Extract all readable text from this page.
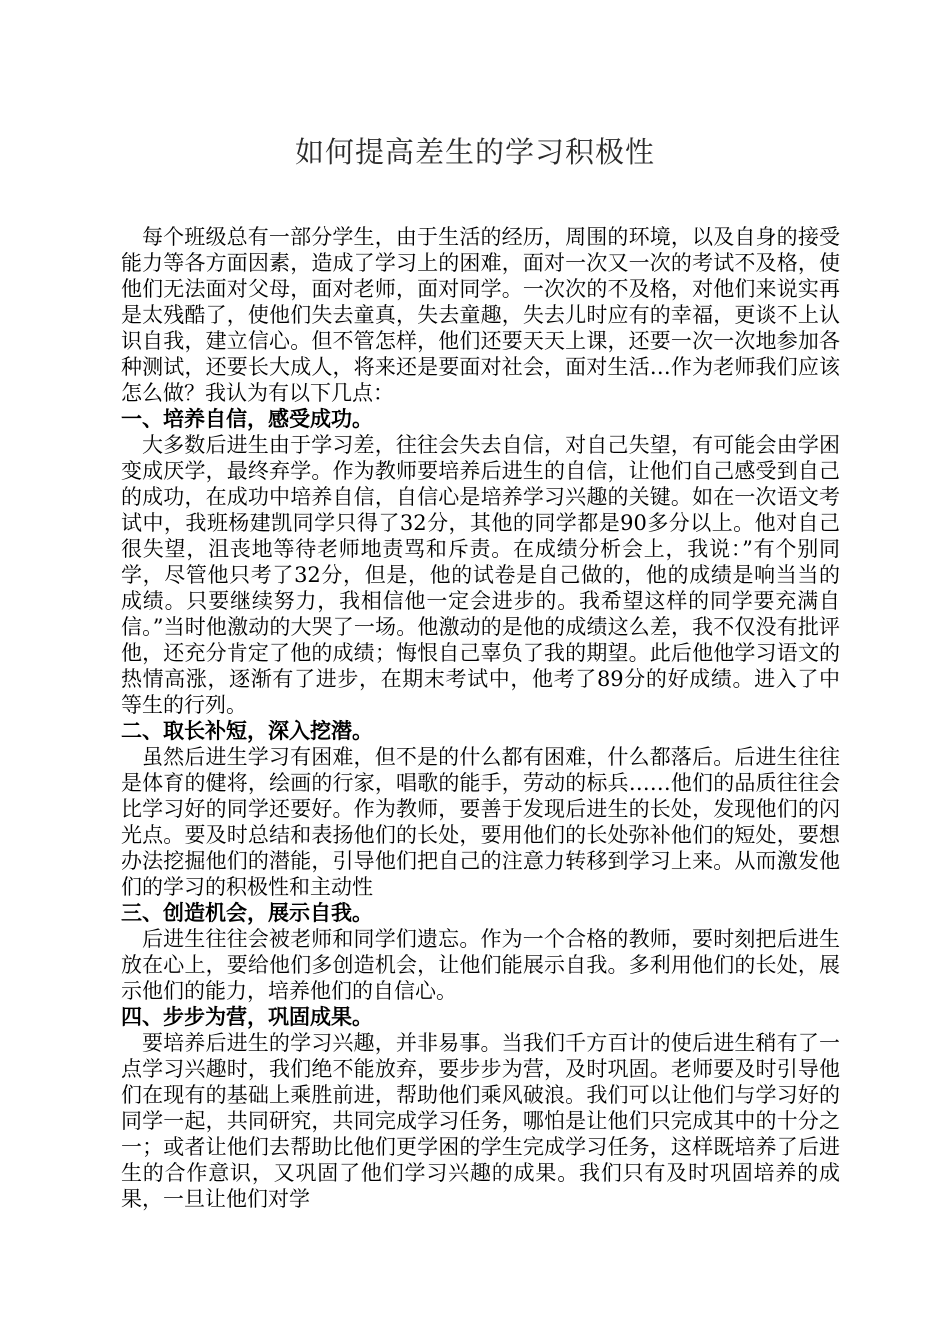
如何提高差生的学习积极性

每个班级总有一部分学生，由于生活的经历，周围的环境，以及自身的接受能力等各方面因素，造成了学习上的困难，面对一次又一次的考试不及格，使他们无法面对父母，面对老师，面对同学。一次次的不及格，对他们来说实再是太残酷了，使他们失去童真，失去童趣，失去儿时应有的幸福，更谈不上认识自我，建立信心。但不管怎样，他们还要天天上课，还要一次一次地参加各种测试，还要长大成人，将来还是要面对社会，面对生活…作为老师我们应该怎么做？我认为有以下几点：

一、培养自信，感受成功。

大多数后进生由于学习差，往往会失去自信，对自己失望，有可能会由学困变成厌学，最终弃学。作为教师要培养后进生的自信，让他们自己感受到自己的成功，在成功中培养自信，自信心是培养学习兴趣的关键。如在一次语文考试中，我班杨建凯同学只得了32分，其他的同学都是90多分以上。他对自己很失望，沮丧地等待老师地责骂和斥责。在成绩分析会上，我说：”有个别同学，尽管他只考了32分，但是，他的试卷是自己做的，他的成绩是响当当的成绩。只要继续努力，我相信他一定会进步的。我希望这样的同学要充满自信。”当时他激动的大哭了一场。他激动的是他的成绩这么差，我不仅没有批评他，还充分肯定了他的成绩；悔恨自己辜负了我的期望。此后他他学习语文的热情高涨，逐渐有了进步，在期末考试中，他考了89分的好成绩。进入了中等生的行列。

二、取长补短，深入挖潜。

虽然后进生学习有困难，但不是的什么都有困难，什么都落后。后进生往往是体育的健将，绘画的行家，唱歌的能手，劳动的标兵……他们的品质往往会比学习好的同学还要好。作为教师，要善于发现后进生的长处，发现他们的闪光点。要及时总结和表扬他们的长处，要用他们的长处弥补他们的短处，要想办法挖掘他们的潜能，引导他们把自己的注意力转移到学习上来。从而激发他们的学习的积极性和主动性

三、创造机会，展示自我。

后进生往往会被老师和同学们遗忘。作为一个合格的教师，要时刻把后进生放在心上，要给他们多创造机会，让他们能展示自我。多利用他们的长处，展示他们的能力，培养他们的自信心。

四、步步为营，巩固成果。

要培养后进生的学习兴趣，并非易事。当我们千方百计的使后进生稍有了一点学习兴趣时，我们绝不能放弃，要步步为营，及时巩固。老师要及时引导他们在现有的基础上乘胜前进，帮助他们乘风破浪。我们可以让他们与学习好的同学一起，共同研究，共同完成学习任务，哪怕是让他们只完成其中的十分之一；或者让他们去帮助比他们更学困的学生完成学习任务，这样既培养了后进生的合作意识，又巩固了他们学习兴趣的成果。我们只有及时巩固培养的成果，一旦让他们对学
